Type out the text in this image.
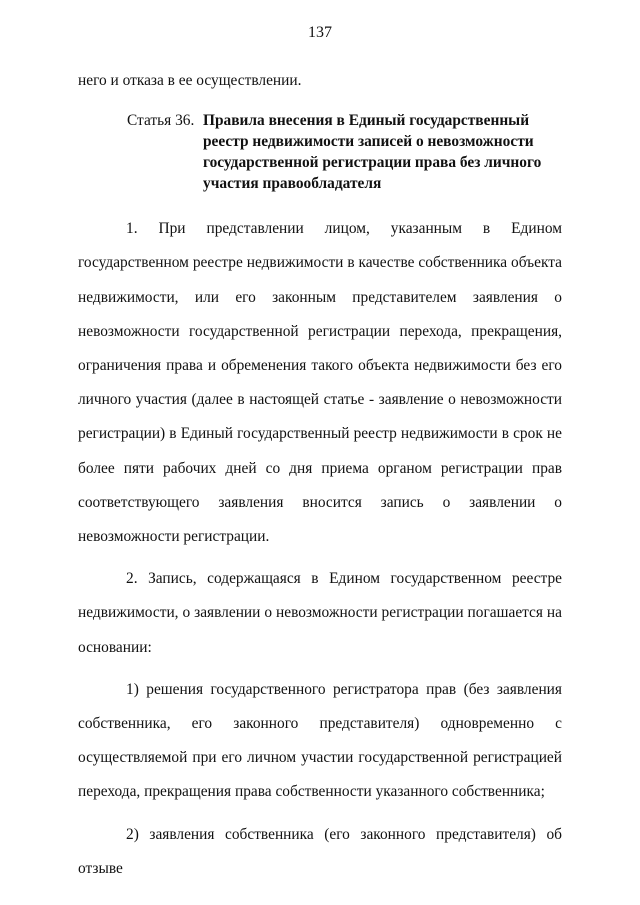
137

него и отказа в ее осуществлении.

Статья 36. Правила внесения в Единый государственный реестр недвижимости записей о невозможности государственной регистрации права без личного участия правообладателя

1. При представлении лицом, указанным в Едином государственном реестре недвижимости в качестве собственника объекта недвижимости, или его законным представителем заявления о невозможности государственной регистрации перехода, прекращения, ограничения права и обременения такого объекта недвижимости без его личного участия (далее в настоящей статье - заявление о невозможности регистрации) в Единый государственный реестр недвижимости в срок не более пяти рабочих дней со дня приема органом регистрации прав соответствующего заявления вносится запись о заявлении о невозможности регистрации.

2. Запись, содержащаяся в Едином государственном реестре недвижимости, о заявлении о невозможности регистрации погашается на основании:

1) решения государственного регистратора прав (без заявления собственника, его законного представителя) одновременно с осуществляемой при его личном участии государственной регистрацией перехода, прекращения права собственности указанного собственника;

2) заявления собственника (его законного представителя) об отзыве
